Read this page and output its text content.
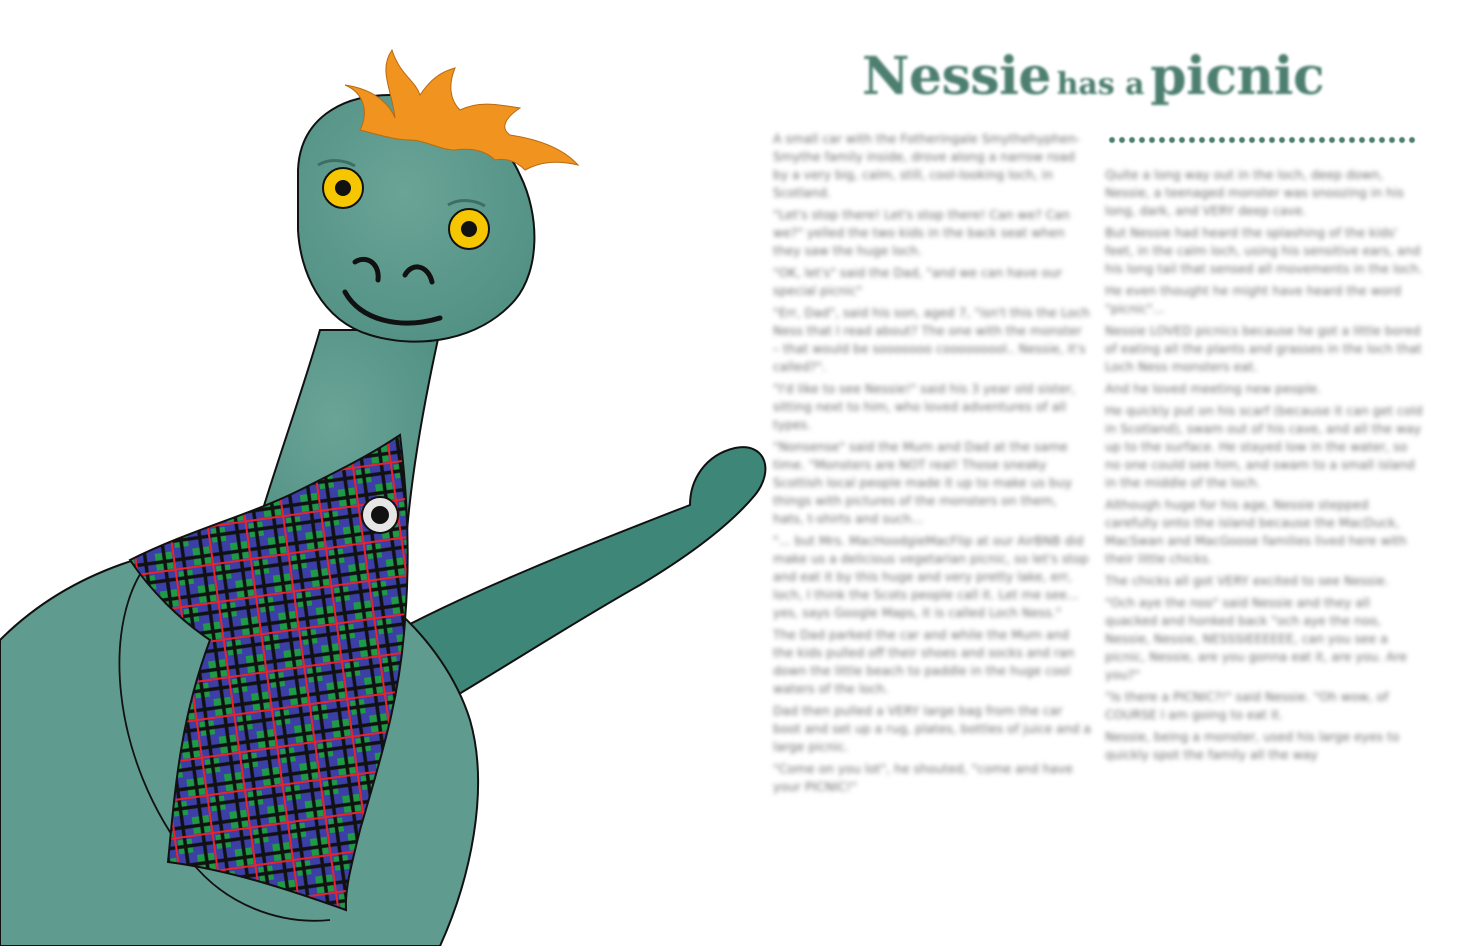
Nessie has a picnic

A small car with the Fotheringale Smythehyphen-Smythe family inside, drove along a narrow road by a very big, calm, still, cool-looking loch, in Scotland.

"Let's stop there! Let's stop there! Can we? Can we?" yelled the two kids in the back seat when they saw the huge loch.

"OK, let's" said the Dad, "and we can have our special picnic"

"Err, Dad", said his son, aged 7, "isn't this the Loch Ness that I read about? The one with the monster – that would be sooooooo cooooooool.. Nessie, it's called?".

"I'd like to see Nessie!" said his 3 year old sister, sitting next to him, who loved adventures of all types.

"Nonsense" said the Mum and Dad at the same time. "Monsters are NOT real! Those sneaky Scottish local people made it up to make us buy things with pictures of the monsters on them, hats, t-shirts and such...

"... but Mrs. MacHoodgieMacFlip at our AirBNB did make us a delicious vegetarian picnic, so let's stop and eat it by this huge and very pretty lake, err, loch, I think the Scots people call it. Let me see... yes, says Google Maps, it is called Loch Ness."

The Dad parked the car and while the Mum and the kids pulled off their shoes and socks and ran down the little beach to paddle in the huge cool waters of the loch.

Dad then pulled a VERY large bag from the car boot and set up a rug, plates, bottles of juice and a large picnic.

"Come on you lot", he shouted, "come and have your PICNIC!"

Quite a long way out in the loch, deep down, Nessie, a teenaged monster was snoozing in his long, dark, and VERY deep cave.

But Nessie had heard the splashing of the kids' feet, in the calm loch, using his sensitive ears, and his long tail that sensed all movements in the loch.

He even thought he might have heard the word "picnic"...

Nessie LOVED picnics because he got a little bored of eating all the plants and grasses in the loch that Loch Ness monsters eat.

And he loved meeting new people.

He quickly put on his scarf (because it can get cold in Scotland), swam out of his cave, and all the way up to the surface. He stayed low in the water, so no one could see him, and swam to a small island in the middle of the loch.

Although huge for his age, Nessie stepped carefully onto the island because the MacDuck, MacSwan and MacGoose families lived here with their little chicks.

The chicks all got VERY excited to see Nessie.

"Och aye the noo" said Nessie and they all quacked and honked back "och aye the noo, Nessie, Nessie, NESSSIEEEEEE, can you see a picnic, Nessie, are you gonna eat it, are you. Are you?"

"Is there a PICNIC?!" said Nessie. "Oh wow, of COURSE I am going to eat it.

Nessie, being a monster, used his large eyes to quickly spot the family all the way
